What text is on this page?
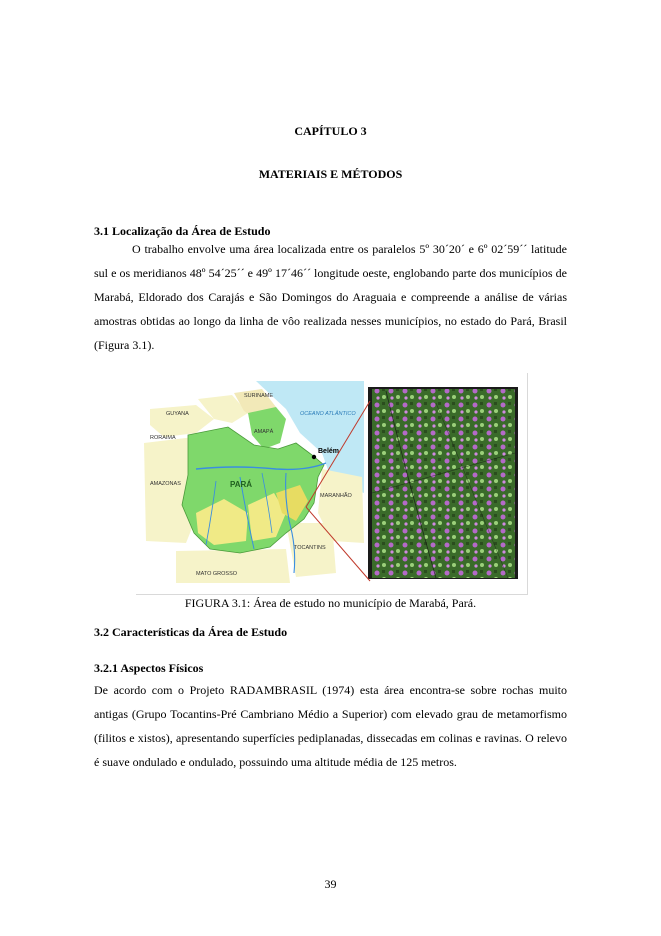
CAPÍTULO 3
MATERIAIS E MÉTODOS
3.1 Localização da Área de Estudo

O trabalho envolve uma área localizada entre os paralelos 5º 30´20´ e 6º 02´59´´ latitude sul e os meridianos 48º 54´25´´ e 49º 17´46´´ longitude oeste, englobando parte dos municípios de Marabá, Eldorado dos Carajás e São Domingos do Araguaia e compreende a análise de várias amostras obtidas ao longo da linha de vôo realizada nesses municípios, no estado do Pará, Brasil (Figura 3.1).

SURINAME
GUYANA
RORAIMA
AMAPÁ
OCEANO ATLÂNTICO
Belém
AMAZONAS	PARÁ
MARANHÃO
TOCANTINS
MATO GROSSO
FIGURA 3.1: Área de estudo no município de Marabá, Pará.
3.2 Características da Área de Estudo
3.2.1 Aspectos Físicos

De acordo com o Projeto RADAMBRASIL (1974) esta área encontra-se sobre rochas muito antigas (Grupo Tocantins-Pré Cambriano Médio a Superior) com elevado grau de metamorfismo (filitos e xistos), apresentando superfícies pediplanadas, dissecadas em colinas e ravinas. O relevo é suave ondulado e ondulado, possuindo uma altitude média de 125 metros.

39
